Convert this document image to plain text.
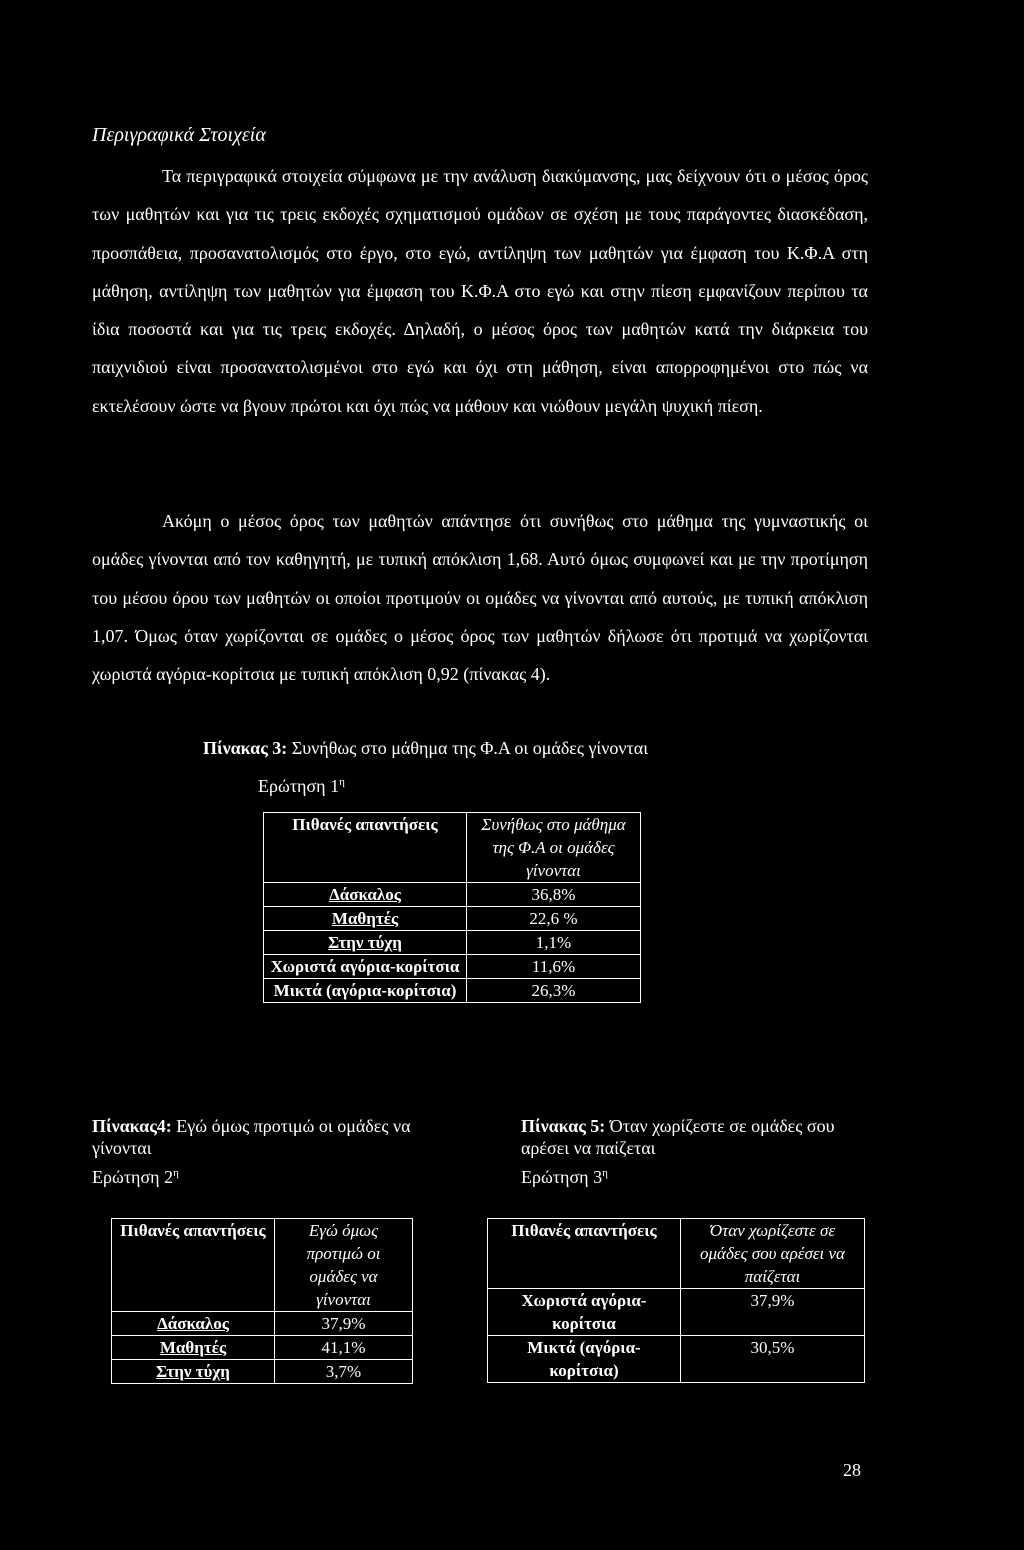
Περιγραφικά Στοιχεία

Τα περιγραφικά στοιχεία σύμφωνα με την ανάλυση διακύμανσης, μας δείχνουν ότι ο μέσος όρος των μαθητών και για τις τρεις εκδοχές σχηματισμού ομάδων σε σχέση με τους παράγοντες διασκέδαση, προσπάθεια, προσανατολισμός στο έργο, στο εγώ, αντίληψη των μαθητών για έμφαση του Κ.Φ.Α στη μάθηση, αντίληψη των μαθητών για έμφαση του Κ.Φ.Α στο εγώ και στην πίεση εμφανίζουν περίπου τα ίδια ποσοστά και για τις τρεις εκδοχές. Δηλαδή, ο μέσος όρος των μαθητών κατά την διάρκεια του παιχνιδιού είναι προσανατολισμένοι στο εγώ και όχι στη μάθηση, είναι απορροφημένοι στο πώς να εκτελέσουν ώστε να βγουν πρώτοι και όχι πώς να μάθουν και νιώθουν μεγάλη ψυχική πίεση.

Ακόμη ο μέσος όρος των μαθητών απάντησε ότι συνήθως στο μάθημα της γυμναστικής οι ομάδες γίνονται από τον καθηγητή, με τυπική απόκλιση 1,68. Αυτό όμως συμφωνεί και με την προτίμηση του μέσου όρου των μαθητών οι οποίοι προτιμούν οι ομάδες να γίνονται από αυτούς, με τυπική απόκλιση 1,07. Όμως όταν χωρίζονται σε ομάδες ο μέσος όρος των μαθητών δήλωσε ότι προτιμά να χωρίζονται χωριστά αγόρια-κορίτσια με τυπική απόκλιση 0,92 (πίνακας 4).

Πίνακας 3: Συνήθως στο μάθημα της Φ.Α οι ομάδες γίνονται
Ερώτηση $1^\eta$
Πιθανές απαντήσεις	Συνήθως στο μάθημα της Φ.Α οι ομάδες γίνονται
Δάσκαλος	36,8%
Μαθητές	22,6 %
Στην τύχη	1,1%
Χωριστά αγόρια-κορίτσια	11,6%
Μικτά (αγόρια-κορίτσια)	26,3%
Πίνακας4: Εγώ όμως προτιμώ οι ομάδες να γίνονται
Ερώτηση $2^\eta$
Πιθανές απαντήσεις	Εγώ όμως προτιμώ οι ομάδες να γίνονται
Δάσκαλος	37,9%
Μαθητές	41,1%
Στην τύχη	3,7%
Πίνακας 5: Όταν χωρίζεστε σε ομάδες σου αρέσει να παίζεται
Ερώτηση $3^\eta$
Πιθανές απαντήσεις	Όταν χωρίζεστε σε ομάδες σου αρέσει να παίζεται
Χωριστά αγόρια-κορίτσια	37,9%
Μικτά (αγόρια-κορίτσια)	30,5%
28
